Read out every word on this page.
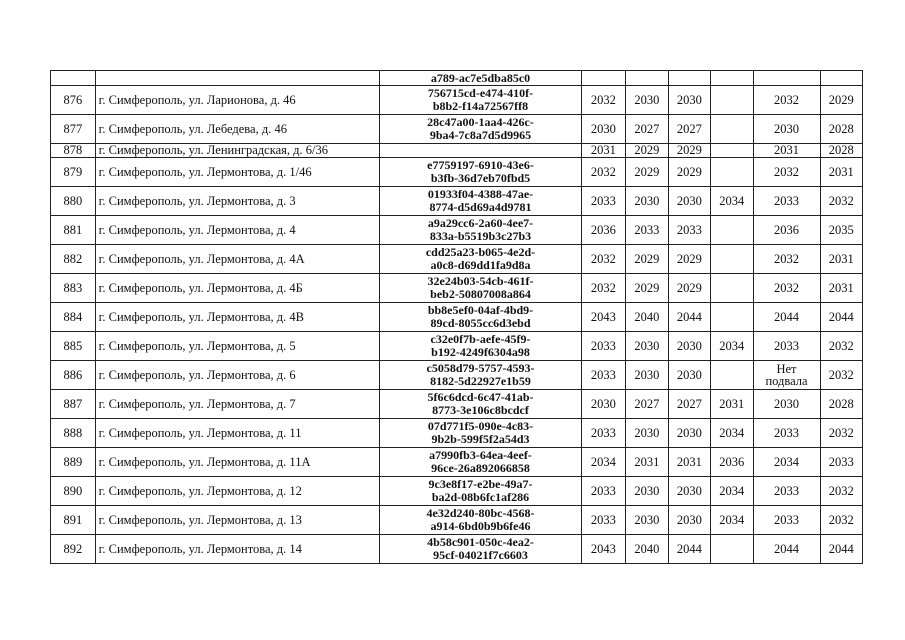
		a789-ac7e5dba85c0						
876	г. Симферополь, ул. Ларионова, д. 46	756715cd-e474-410f-
b8b2-f14a72567ff8	2032	2030	2030		2032	2029
877	г. Симферополь, ул. Лебедева, д. 46	28c47a00-1aa4-426c-
9ba4-7c8a7d5d9965	2030	2027	2027		2030	2028
878	г. Симферополь, ул. Ленинградская, д. 6/36		2031	2029	2029		2031	2028
879	г. Симферополь, ул. Лермонтова, д. 1/46	e7759197-6910-43e6-
b3fb-36d7eb70fbd5	2032	2029	2029		2032	2031
880	г. Симферополь, ул. Лермонтова, д. 3	01933f04-4388-47ae-
8774-d5d69a4d9781	2033	2030	2030	2034	2033	2032
881	г. Симферополь, ул. Лермонтова, д. 4	a9a29cc6-2a60-4ee7-
833a-b5519b3c27b3	2036	2033	2033		2036	2035
882	г. Симферополь, ул. Лермонтова, д. 4А	cdd25a23-b065-4e2d-
a0c8-d69dd1fa9d8a	2032	2029	2029		2032	2031
883	г. Симферополь, ул. Лермонтова, д. 4Б	32e24b03-54cb-461f-
beb2-50807008a864	2032	2029	2029		2032	2031
884	г. Симферополь, ул. Лермонтова, д. 4В	bb8e5ef0-04af-4bd9-
89cd-8055cc6d3ebd	2043	2040	2044		2044	2044
885	г. Симферополь, ул. Лермонтова, д. 5	c32e0f7b-aefe-45f9-
b192-4249f6304a98	2033	2030	2030	2034	2033	2032
886	г. Симферополь, ул. Лермонтова, д. 6	c5058d79-5757-4593-
8182-5d22927e1b59	2033	2030	2030		Нет
подвала	2032
887	г. Симферополь, ул. Лермонтова, д. 7	5f6c6dcd-6c47-41ab-
8773-3e106c8bcdcf	2030	2027	2027	2031	2030	2028
888	г. Симферополь, ул. Лермонтова, д. 11	07d771f5-090e-4c83-
9b2b-599f5f2a54d3	2033	2030	2030	2034	2033	2032
889	г. Симферополь, ул. Лермонтова, д. 11А	a7990fb3-64ea-4eef-
96ce-26a892066858	2034	2031	2031	2036	2034	2033
890	г. Симферополь, ул. Лермонтова, д. 12	9c3e8f17-e2be-49a7-
ba2d-08b6fc1af286	2033	2030	2030	2034	2033	2032
891	г. Симферополь, ул. Лермонтова, д. 13	4e32d240-80bc-4568-
a914-6bd0b9b6fe46	2033	2030	2030	2034	2033	2032
892	г. Симферополь, ул. Лермонтова, д. 14	4b58c901-050c-4ea2-
95cf-04021f7c6603	2043	2040	2044		2044	2044
